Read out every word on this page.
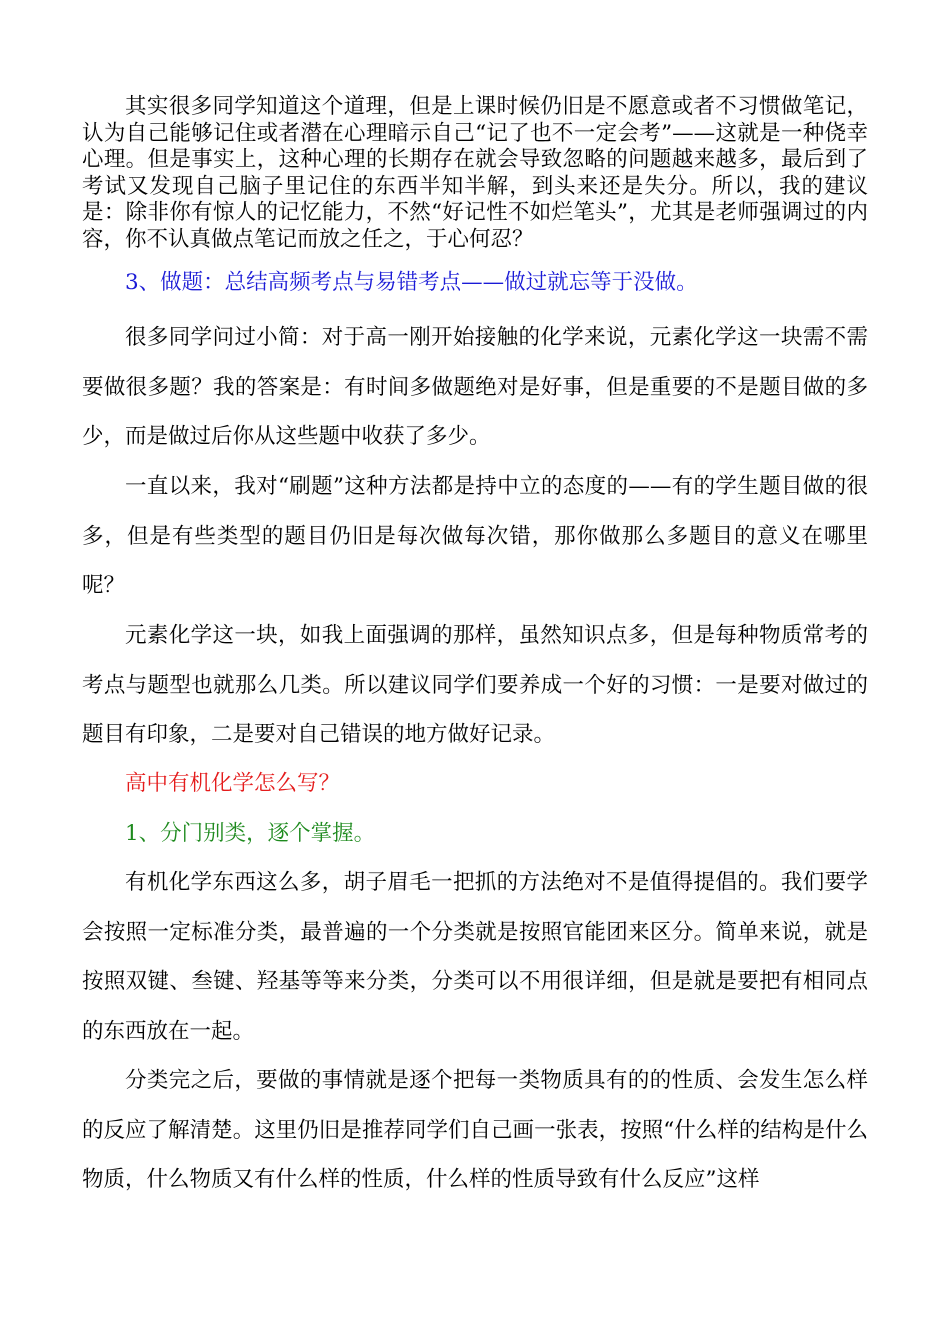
其实很多同学知道这个道理，但是上课时候仍旧是不愿意或者不习惯做笔记，认为自己能够记住或者潜在心理暗示自己“记了也不一定会考”——这就是一种侥幸心理。但是事实上，这种心理的长期存在就会导致忽略的问题越来越多，最后到了考试又发现自己脑子里记住的东西半知半解，到头来还是失分。所以，我的建议是：除非你有惊人的记忆能力，不然“好记性不如烂笔头”，尤其是老师强调过的内容，你不认真做点笔记而放之任之，于心何忍？

3、做题：总结高频考点与易错考点——做过就忘等于没做。

很多同学问过小简：对于高一刚开始接触的化学来说，元素化学这一块需不需要做很多题？我的答案是：有时间多做题绝对是好事，但是重要的不是题目做的多少，而是做过后你从这些题中收获了多少。

一直以来，我对“刷题”这种方法都是持中立的态度的——有的学生题目做的很多，但是有些类型的题目仍旧是每次做每次错，那你做那么多题目的意义在哪里呢？

元素化学这一块，如我上面强调的那样，虽然知识点多，但是每种物质常考的考点与题型也就那么几类。所以建议同学们要养成一个好的习惯：一是要对做过的题目有印象，二是要对自己错误的地方做好记录。

高中有机化学怎么写？

1、分门别类，逐个掌握。

有机化学东西这么多，胡子眉毛一把抓的方法绝对不是值得提倡的。我们要学会按照一定标准分类，最普遍的一个分类就是按照官能团来区分。简单来说，就是按照双键、叁键、羟基等等来分类，分类可以不用很详细，但是就是要把有相同点的东西放在一起。

分类完之后，要做的事情就是逐个把每一类物质具有的的性质、会发生怎么样的反应了解清楚。这里仍旧是推荐同学们自己画一张表，按照“什么样的结构是什么物质，什么物质又有什么样的性质，什么样的性质导致有什么反应”这样
